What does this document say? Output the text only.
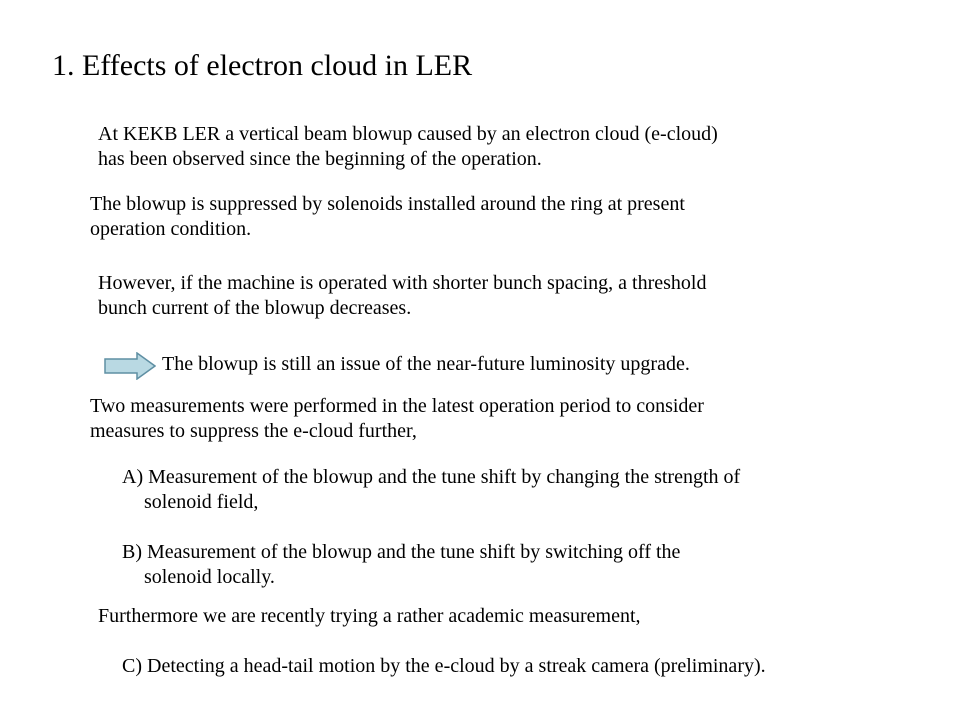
1. Effects of electron cloud in LER
At KEKB LER a vertical beam blowup caused by an electron cloud (e-cloud)
has been observed since the beginning of the operation.
The blowup is suppressed by solenoids installed around the ring at present
operation condition.
However, if the machine is operated with shorter bunch spacing, a threshold
bunch current of the blowup decreases.
The blowup is still an issue of the near-future luminosity upgrade.
Two measurements were performed in the latest operation period to consider
measures to suppress the e-cloud further,
A) Measurement of the blowup and the tune shift by changing the strength of
solenoid field,
B) Measurement of the blowup and the tune shift by switching off the
solenoid locally.
Furthermore we are recently trying a rather academic measurement,
C) Detecting a head-tail motion by the e-cloud by a streak camera (preliminary).
